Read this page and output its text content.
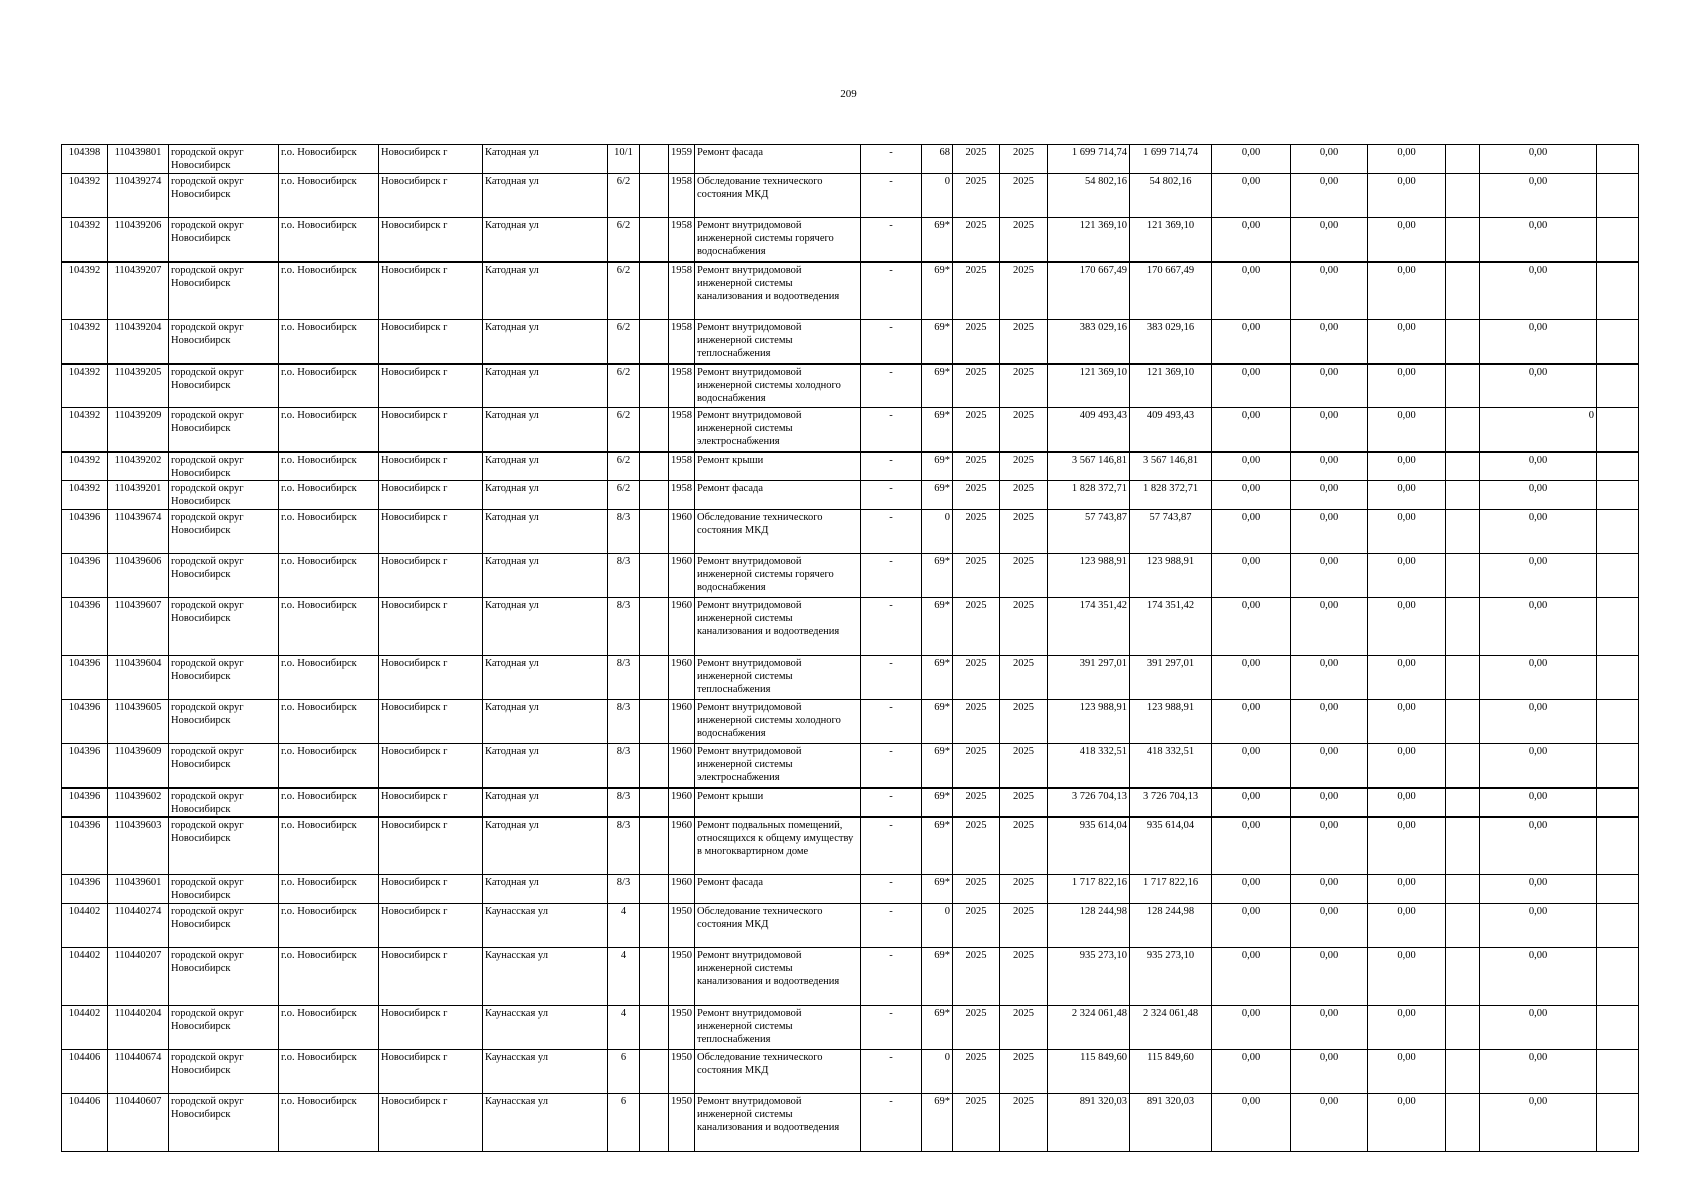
209
104398	110439801	городской округ Новосибирск	г.о. Новосибирск	Новосибирск г	Катодная ул	10/1		1959	Ремонт фасада	-	68	2025	2025	1 699 714,74	1 699 714,74	0,00	0,00	0,00		0,00	
104392	110439274	городской округ Новосибирск	г.о. Новосибирск	Новосибирск г	Катодная ул	6/2		1958	Обследование технического состояния МКД	-	0	2025	2025	54 802,16	54 802,16	0,00	0,00	0,00		0,00	
104392	110439206	городской округ Новосибирск	г.о. Новосибирск	Новосибирск г	Катодная ул	6/2		1958	Ремонт внутридомовой инженерной системы горячего водоснабжения	-	69*	2025	2025	121 369,10	121 369,10	0,00	0,00	0,00		0,00	
104392	110439207	городской округ Новосибирск	г.о. Новосибирск	Новосибирск г	Катодная ул	6/2		1958	Ремонт внутридомовой инженерной системы канализования и водоотведения	-	69*	2025	2025	170 667,49	170 667,49	0,00	0,00	0,00		0,00	
104392	110439204	городской округ Новосибирск	г.о. Новосибирск	Новосибирск г	Катодная ул	6/2		1958	Ремонт внутридомовой инженерной системы теплоснабжения	-	69*	2025	2025	383 029,16	383 029,16	0,00	0,00	0,00		0,00	
104392	110439205	городской округ Новосибирск	г.о. Новосибирск	Новосибирск г	Катодная ул	6/2		1958	Ремонт внутридомовой инженерной системы холодного водоснабжения	-	69*	2025	2025	121 369,10	121 369,10	0,00	0,00	0,00		0,00	
104392	110439209	городской округ Новосибирск	г.о. Новосибирск	Новосибирск г	Катодная ул	6/2		1958	Ремонт внутридомовой инженерной системы электроснабжения	-	69*	2025	2025	409 493,43	409 493,43	0,00	0,00	0,00		0	
104392	110439202	городской округ Новосибирск	г.о. Новосибирск	Новосибирск г	Катодная ул	6/2		1958	Ремонт крыши	-	69*	2025	2025	3 567 146,81	3 567 146,81	0,00	0,00	0,00		0,00	
104392	110439201	городской округ Новосибирск	г.о. Новосибирск	Новосибирск г	Катодная ул	6/2		1958	Ремонт фасада	-	69*	2025	2025	1 828 372,71	1 828 372,71	0,00	0,00	0,00		0,00	
104396	110439674	городской округ Новосибирск	г.о. Новосибирск	Новосибирск г	Катодная ул	8/3		1960	Обследование технического состояния МКД	-	0	2025	2025	57 743,87	57 743,87	0,00	0,00	0,00		0,00	
104396	110439606	городской округ Новосибирск	г.о. Новосибирск	Новосибирск г	Катодная ул	8/3		1960	Ремонт внутридомовой инженерной системы горячего водоснабжения	-	69*	2025	2025	123 988,91	123 988,91	0,00	0,00	0,00		0,00	
104396	110439607	городской округ Новосибирск	г.о. Новосибирск	Новосибирск г	Катодная ул	8/3		1960	Ремонт внутридомовой инженерной системы канализования и водоотведения	-	69*	2025	2025	174 351,42	174 351,42	0,00	0,00	0,00		0,00	
104396	110439604	городской округ Новосибирск	г.о. Новосибирск	Новосибирск г	Катодная ул	8/3		1960	Ремонт внутридомовой инженерной системы теплоснабжения	-	69*	2025	2025	391 297,01	391 297,01	0,00	0,00	0,00		0,00	
104396	110439605	городской округ Новосибирск	г.о. Новосибирск	Новосибирск г	Катодная ул	8/3		1960	Ремонт внутридомовой инженерной системы холодного водоснабжения	-	69*	2025	2025	123 988,91	123 988,91	0,00	0,00	0,00		0,00	
104396	110439609	городской округ Новосибирск	г.о. Новосибирск	Новосибирск г	Катодная ул	8/3		1960	Ремонт внутридомовой инженерной системы электроснабжения	-	69*	2025	2025	418 332,51	418 332,51	0,00	0,00	0,00		0,00	
104396	110439602	городской округ Новосибирск	г.о. Новосибирск	Новосибирск г	Катодная ул	8/3		1960	Ремонт крыши	-	69*	2025	2025	3 726 704,13	3 726 704,13	0,00	0,00	0,00		0,00	
104396	110439603	городской округ Новосибирск	г.о. Новосибирск	Новосибирск г	Катодная ул	8/3		1960	Ремонт подвальных помещений, относящихся к общему имуществу в многоквартирном доме	-	69*	2025	2025	935 614,04	935 614,04	0,00	0,00	0,00		0,00	
104396	110439601	городской округ Новосибирск	г.о. Новосибирск	Новосибирск г	Катодная ул	8/3		1960	Ремонт фасада	-	69*	2025	2025	1 717 822,16	1 717 822,16	0,00	0,00	0,00		0,00	
104402	110440274	городской округ Новосибирск	г.о. Новосибирск	Новосибирск г	Каунасская ул	4		1950	Обследование технического состояния МКД	-	0	2025	2025	128 244,98	128 244,98	0,00	0,00	0,00		0,00	
104402	110440207	городской округ Новосибирск	г.о. Новосибирск	Новосибирск г	Каунасская ул	4		1950	Ремонт внутридомовой инженерной системы канализования и водоотведения	-	69*	2025	2025	935 273,10	935 273,10	0,00	0,00	0,00		0,00	
104402	110440204	городской округ Новосибирск	г.о. Новосибирск	Новосибирск г	Каунасская ул	4		1950	Ремонт внутридомовой инженерной системы теплоснабжения	-	69*	2025	2025	2 324 061,48	2 324 061,48	0,00	0,00	0,00		0,00	
104406	110440674	городской округ Новосибирск	г.о. Новосибирск	Новосибирск г	Каунасская ул	6		1950	Обследование технического состояния МКД	-	0	2025	2025	115 849,60	115 849,60	0,00	0,00	0,00		0,00	
104406	110440607	городской округ Новосибирск	г.о. Новосибирск	Новосибирск г	Каунасская ул	6		1950	Ремонт внутридомовой инженерной системы канализования и водоотведения	-	69*	2025	2025	891 320,03	891 320,03	0,00	0,00	0,00		0,00	
